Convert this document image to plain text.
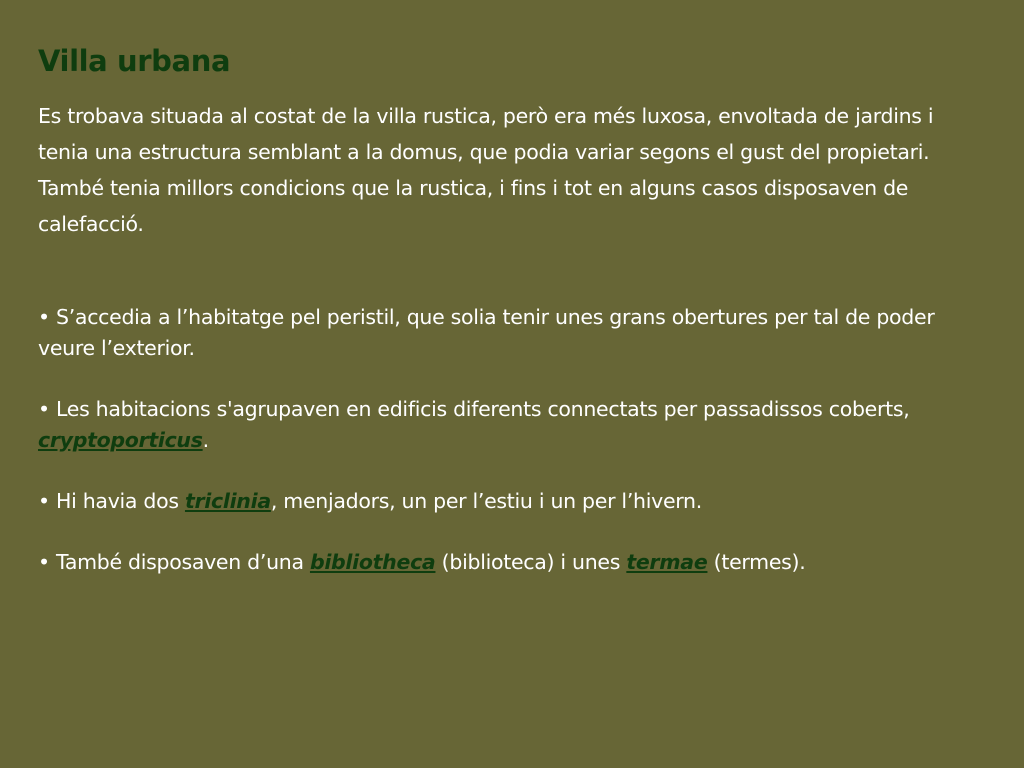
Villa urbana

Es trobava situada al costat de la villa rustica, però era més luxosa, envoltada de jardins i tenia una estructura semblant a la domus, que podia variar segons el gust del propietari. També tenia millors condicions que la rustica, i fins i tot en alguns casos disposaven de calefacció.

• S’accedia a l’habitatge pel peristil, que solia tenir unes grans obertures per tal de poder veure l’exterior.

• Les habitacions s'agrupaven en edificis diferents connectats per passadissos coberts, cryptoporticus.

• Hi havia dos triclinia, menjadors, un per l’estiu i un per l’hivern.

• També disposaven d’una bibliotheca (biblioteca) i unes termae (termes).
